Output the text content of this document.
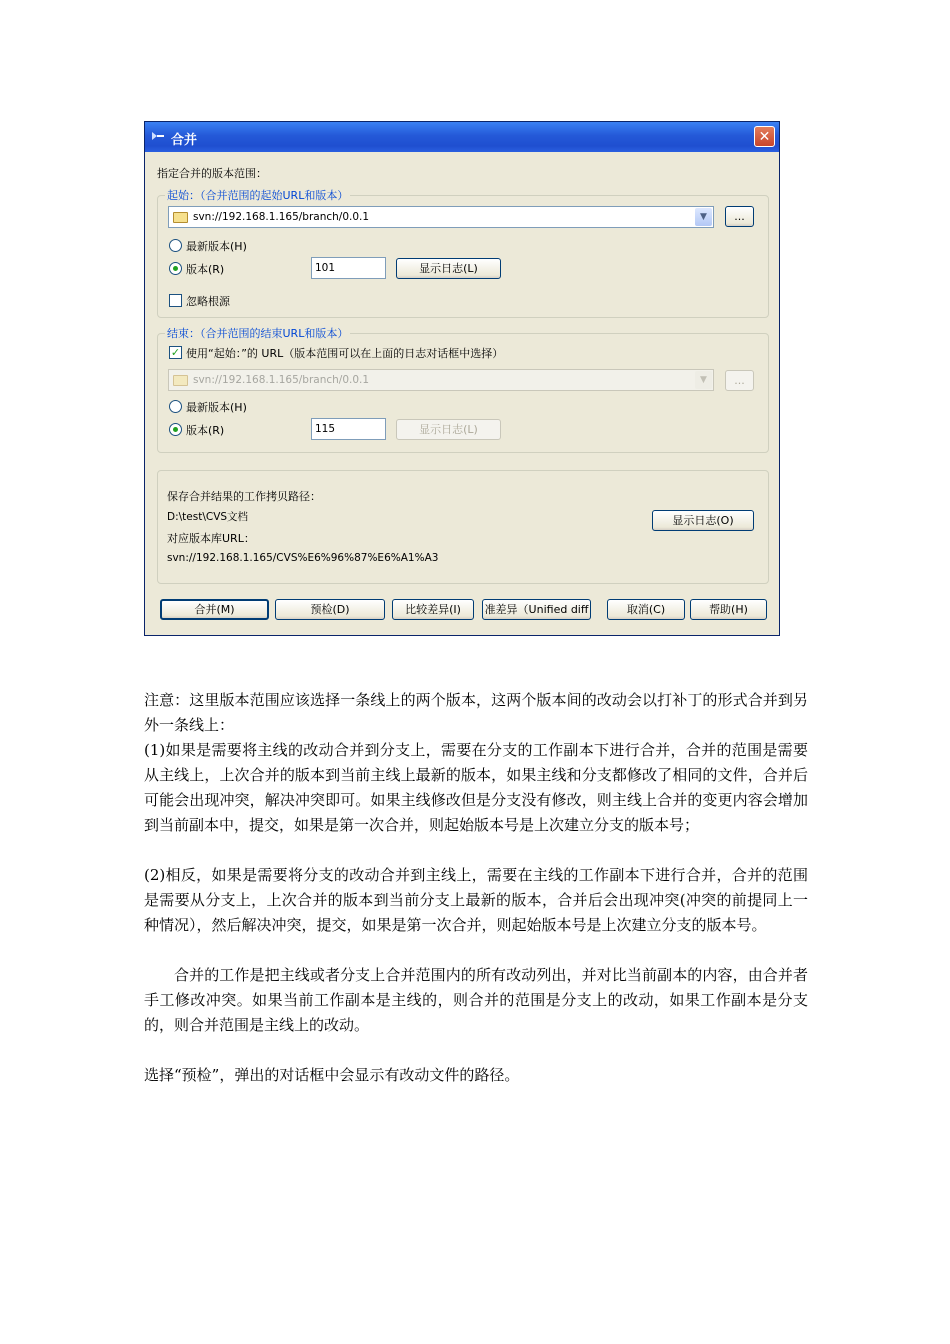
合并	✕
指定合并的版本范围：
起始：（合并范围的起始URL和版本）
svn://192.168.1.165/branch/0.0.1	▼	...
最新版本(H)
版本(R)	101	显示日志(L)
忽略根源
结束：（合并范围的结束URL和版本）
✓ 使用“起始：”的 URL（版本范围可以在上面的日志对话框中选择）
svn://192.168.1.165/branch/0.0.1	▼	...
最新版本(H)
版本(R)	115	显示日志(L)
保存合并结果的工作拷贝路径：
D:\test\CVS文档
对应版本库URL：
svn://192.168.1.165/CVS%E6%96%87%E6%A1%A3
显示日志(O)
合并(M)	预检(D)	比较差异(I)	准差异（Unified diff	取消(C)	帮助(H)

注意：这里版本范围应该选择一条线上的两个版本，这两个版本间的改动会以打补丁的形式合并到另外一条线上：

(1)如果是需要将主线的改动合并到分支上，需要在分支的工作副本下进行合并，合并的范围是需要从主线上，上次合并的版本到当前主线上最新的版本，如果主线和分支都修改了相同的文件，合并后可能会出现冲突，解决冲突即可。如果主线修改但是分支没有修改，则主线上合并的变更内容会增加到当前副本中，提交，如果是第一次合并，则起始版本号是上次建立分支的版本号；

(2)相反，如果是需要将分支的改动合并到主线上，需要在主线的工作副本下进行合并，合并的范围是需要从分支上，上次合并的版本到当前分支上最新的版本，合并后会出现冲突(冲突的前提同上一种情况），然后解决冲突，提交，如果是第一次合并，则起始版本号是上次建立分支的版本号。

合并的工作是把主线或者分支上合并范围内的所有改动列出，并对比当前副本的内容，由合并者手工修改冲突。如果当前工作副本是主线的，则合并的范围是分支上的改动，如果工作副本是分支的，则合并范围是主线上的改动。

选择“预检”，弹出的对话框中会显示有改动文件的路径。
